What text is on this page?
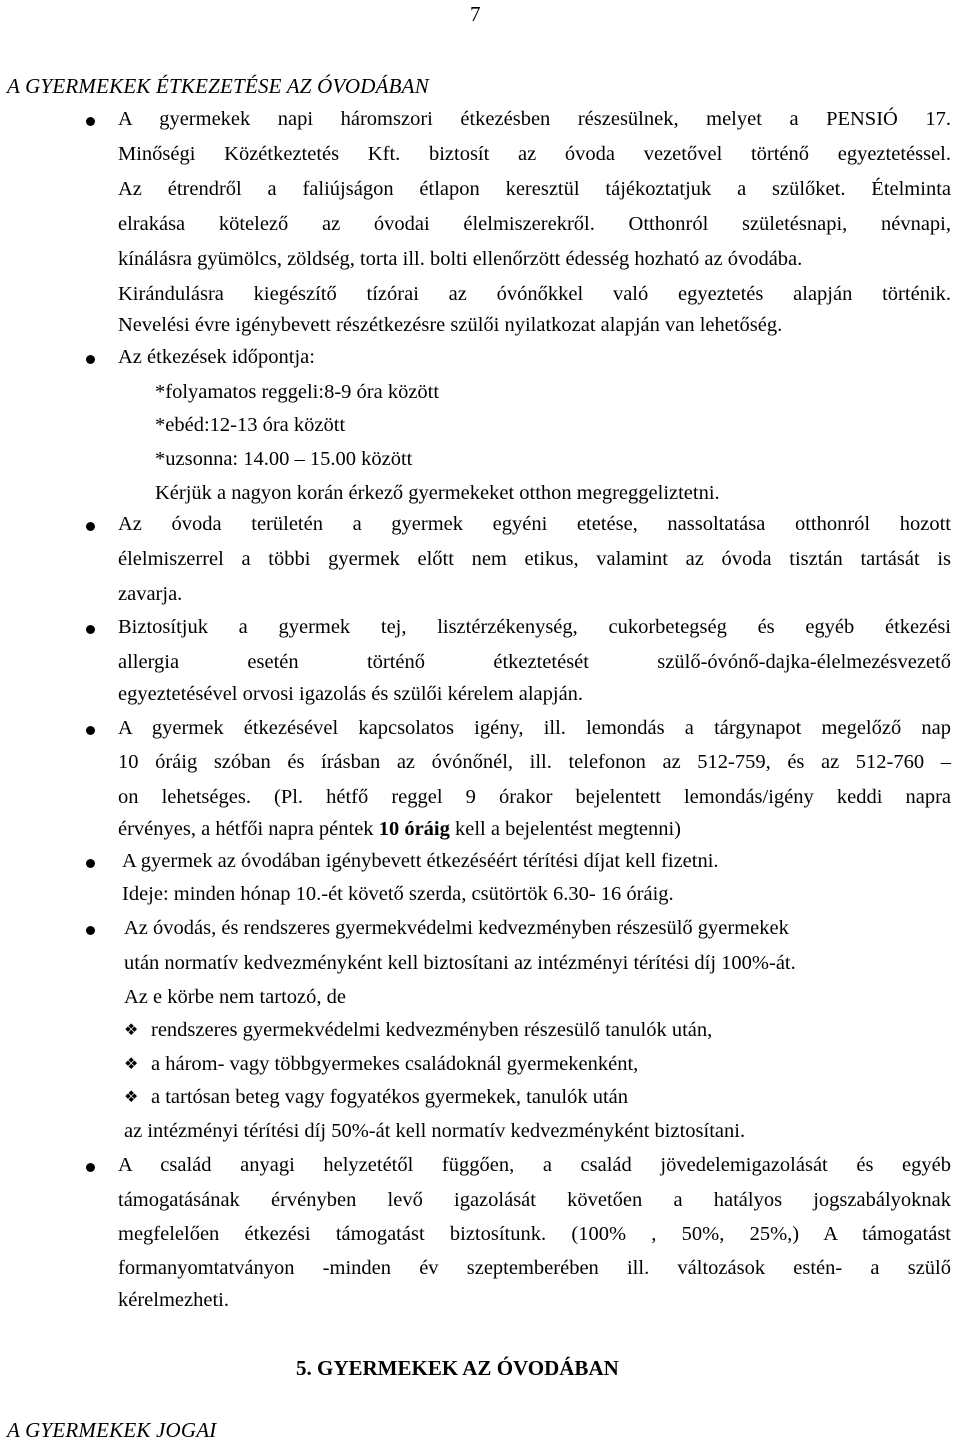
7
A GYERMEKEK ÉTKEZETÉSE AZ ÓVODÁBAN
A gyermekek napi háromszori étkezésben részesülnek, melyet a PENSIÓ 17.
Minőségi Közétkeztetés Kft. biztosít az óvoda vezetővel történő egyeztetéssel.
Az étrendről a faliújságon étlapon keresztül tájékoztatjuk a szülőket. Ételminta
elrakása kötelező az óvodai élelmiszerekről. Otthonról születésnapi, névnapi,
kínálásra gyümölcs, zöldség, torta ill. bolti ellenőrzött édesség hozható az óvodába.
Kirándulásra kiegészítő tízórai az óvónőkkel való egyeztetés alapján történik.
Nevelési évre igénybevett részétkezésre szülői nyilatkozat alapján van lehetőség.
Az étkezések időpontja:
*folyamatos reggeli:8-9 óra között
*ebéd:12-13 óra között
*uzsonna: 14.00 – 15.00 között
Kérjük a nagyon korán érkező gyermekeket otthon megreggeliztetni.
Az óvoda területén a gyermek egyéni etetése, nassoltatása otthonról hozott
élelmiszerrel a többi gyermek előtt nem etikus, valamint az óvoda tisztán tartását is
zavarja.
Biztosítjuk a gyermek tej, lisztérzékenység, cukorbetegség és egyéb étkezési
allergia esetén történő étkeztetését szülő-óvónő-dajka-élelmezésvezető
egyeztetésével orvosi igazolás és szülői kérelem alapján.
A gyermek étkezésével kapcsolatos igény, ill. lemondás a tárgynapot megelőző nap
10 óráig szóban és írásban az óvónőnél, ill. telefonon az 512-759, és az 512-760 –
on lehetséges. (Pl. hétfő reggel 9 órakor bejelentett lemondás/igény keddi napra
érvényes, a hétfői napra péntek 10 óráig kell a bejelentést megtenni)
A gyermek az óvodában igénybevett étkezéséért térítési díjat kell fizetni.
Ideje: minden hónap 10.-ét követő szerda, csütörtök 6.30- 16 óráig.
Az óvodás, és rendszeres gyermekvédelmi kedvezményben részesülő gyermekek
után normatív kedvezményként kell biztosítani az intézményi térítési díj 100%-át.
Az e körbe nem tartozó, de
❖ rendszeres gyermekvédelmi kedvezményben részesülő tanulók után,
❖ a három- vagy többgyermekes családoknál gyermekenként,
❖ a tartósan beteg vagy fogyatékos gyermekek, tanulók után
az intézményi térítési díj 50%-át kell normatív kedvezményként biztosítani.
A család anyagi helyzetétől függően, a család jövedelemigazolását és egyéb
támogatásának érvényben levő igazolását követően a hatályos jogszabályoknak
megfelelően étkezési támogatást biztosítunk. (100% , 50%, 25%,) A támogatást
formanyomtatványon -minden év szeptemberében ill. változások estén- a szülő
kérelmezheti.
5. GYERMEKEK AZ ÓVODÁBAN
A GYERMEKEK JOGAI
